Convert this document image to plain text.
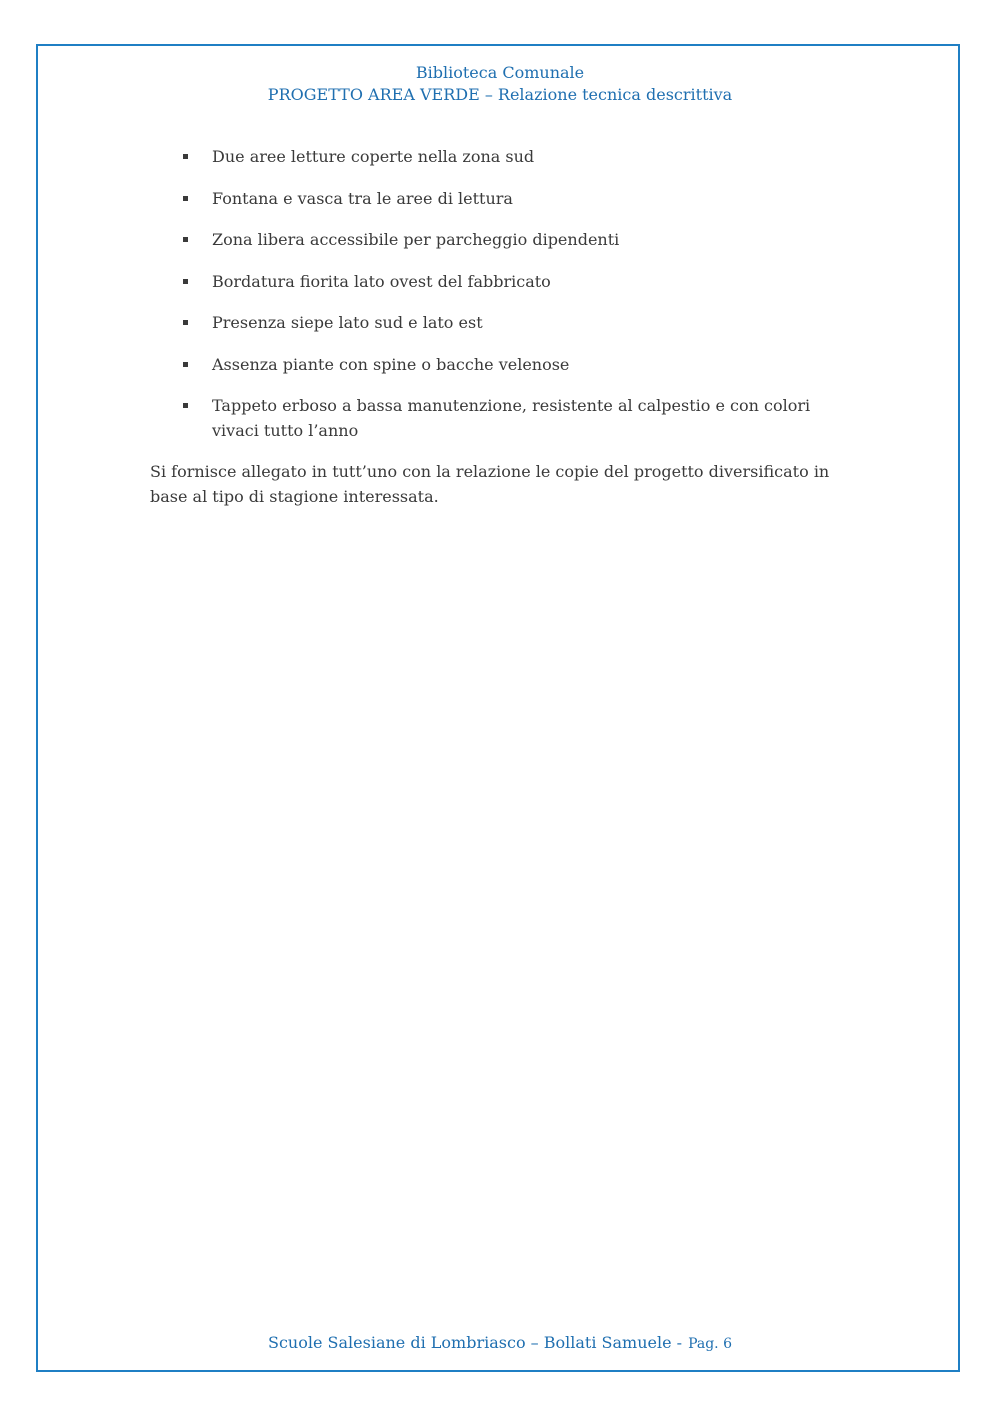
Biblioteca Comunale
PROGETTO AREA VERDE – Relazione tecnica descrittiva
Due aree letture coperte nella zona sud
Fontana e vasca tra le aree di lettura
Zona libera accessibile per parcheggio dipendenti
Bordatura fiorita lato ovest del fabbricato
Presenza siepe lato sud e lato est
Assenza piante con spine o bacche velenose
Tappeto erboso a bassa manutenzione, resistente al calpestio e con colori vivaci tutto l’anno
Si fornisce allegato in tutt’uno con la relazione le copie del progetto diversificato in base al tipo di stagione interessata.
Scuole Salesiane di Lombriasco – Bollati Samuele - Pag. 6
